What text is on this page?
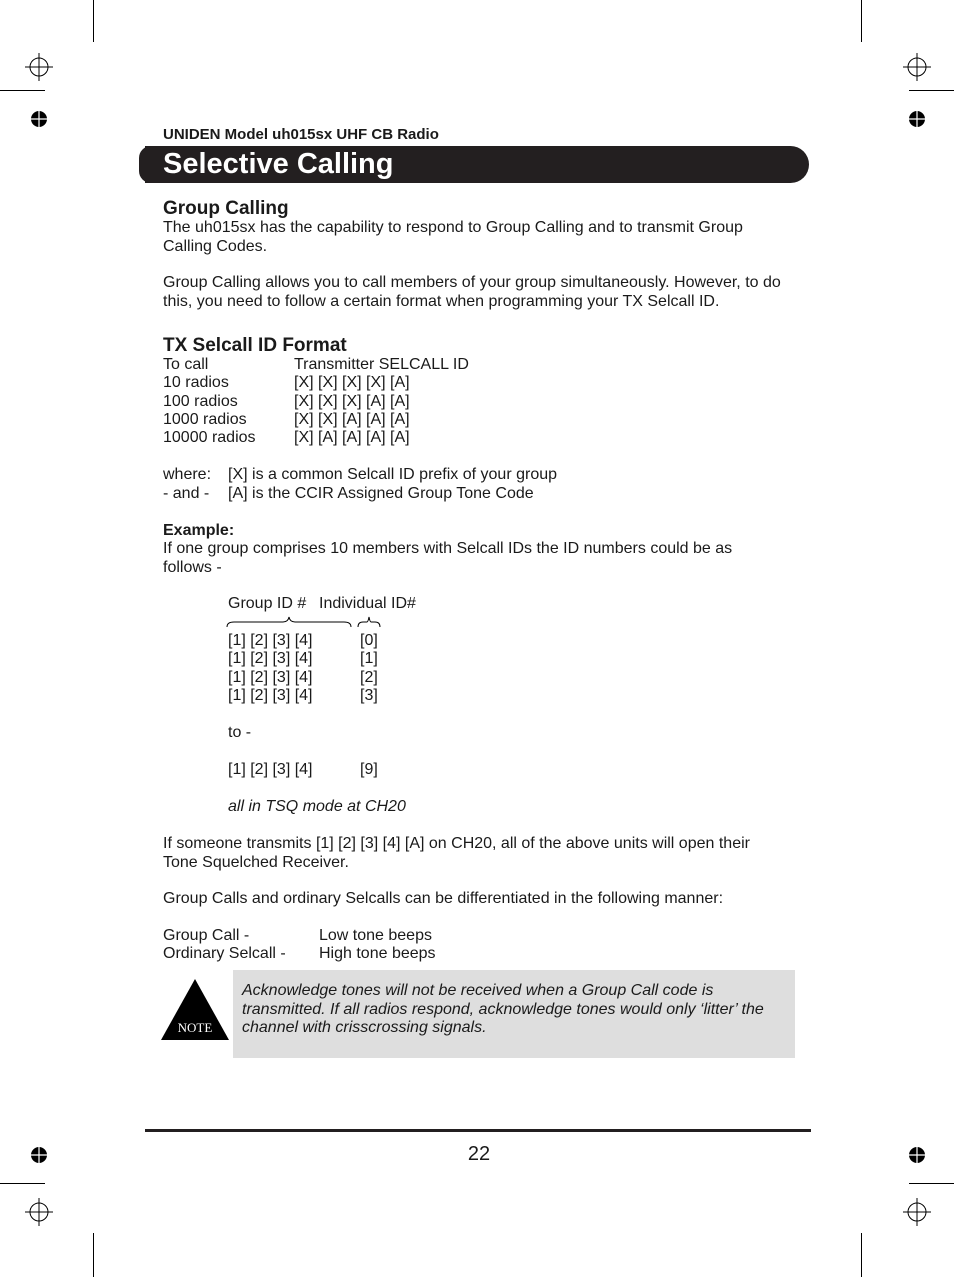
UNIDEN Model uh015sx UHF CB Radio
Selective Calling
Group Calling
The uh015sx has the capability to respond to Group Calling and to transmit Group Calling Codes.
Group Calling allows you to call members of your group simultaneously. However, to do this, you need to follow a certain format when programming your TX Selcall ID.
TX Selcall ID Format
To call	Transmitter SELCALL ID
10 radios	[X] [X] [X] [X] [A]
100 radios	[X] [X] [X] [A] [A]
1000 radios	[X] [X] [A] [A] [A]
10000 radios [X] [A] [A] [A] [A]
where: [X] is a common Selcall ID prefix of your group
- and - [A] is the CCIR Assigned Group Tone Code
Example:
If one group comprises 10 members with Selcall IDs the ID numbers could be as follows -
Group ID # Individual ID#
[1] [2] [3] [4]	[0]
[1] [2] [3] [4]	[1]
[1] [2] [3] [4]	[2]
[1] [2] [3] [4]	[3]
to -
[1] [2] [3] [4]	[9]
all in TSQ mode at CH20
If someone transmits [1] [2] [3] [4] [A] on CH20, all of the above units will open their Tone Squelched Receiver.
Group Calls and ordinary Selcalls can be differentiated in the following manner:
Group Call -	Low tone beeps
Ordinary Selcall - High tone beeps
NOTE
Acknowledge tones will not be received when a Group Call code is transmitted. If all radios respond, acknowledge tones would only ‘litter’ the channel with crisscrossing signals.
22
